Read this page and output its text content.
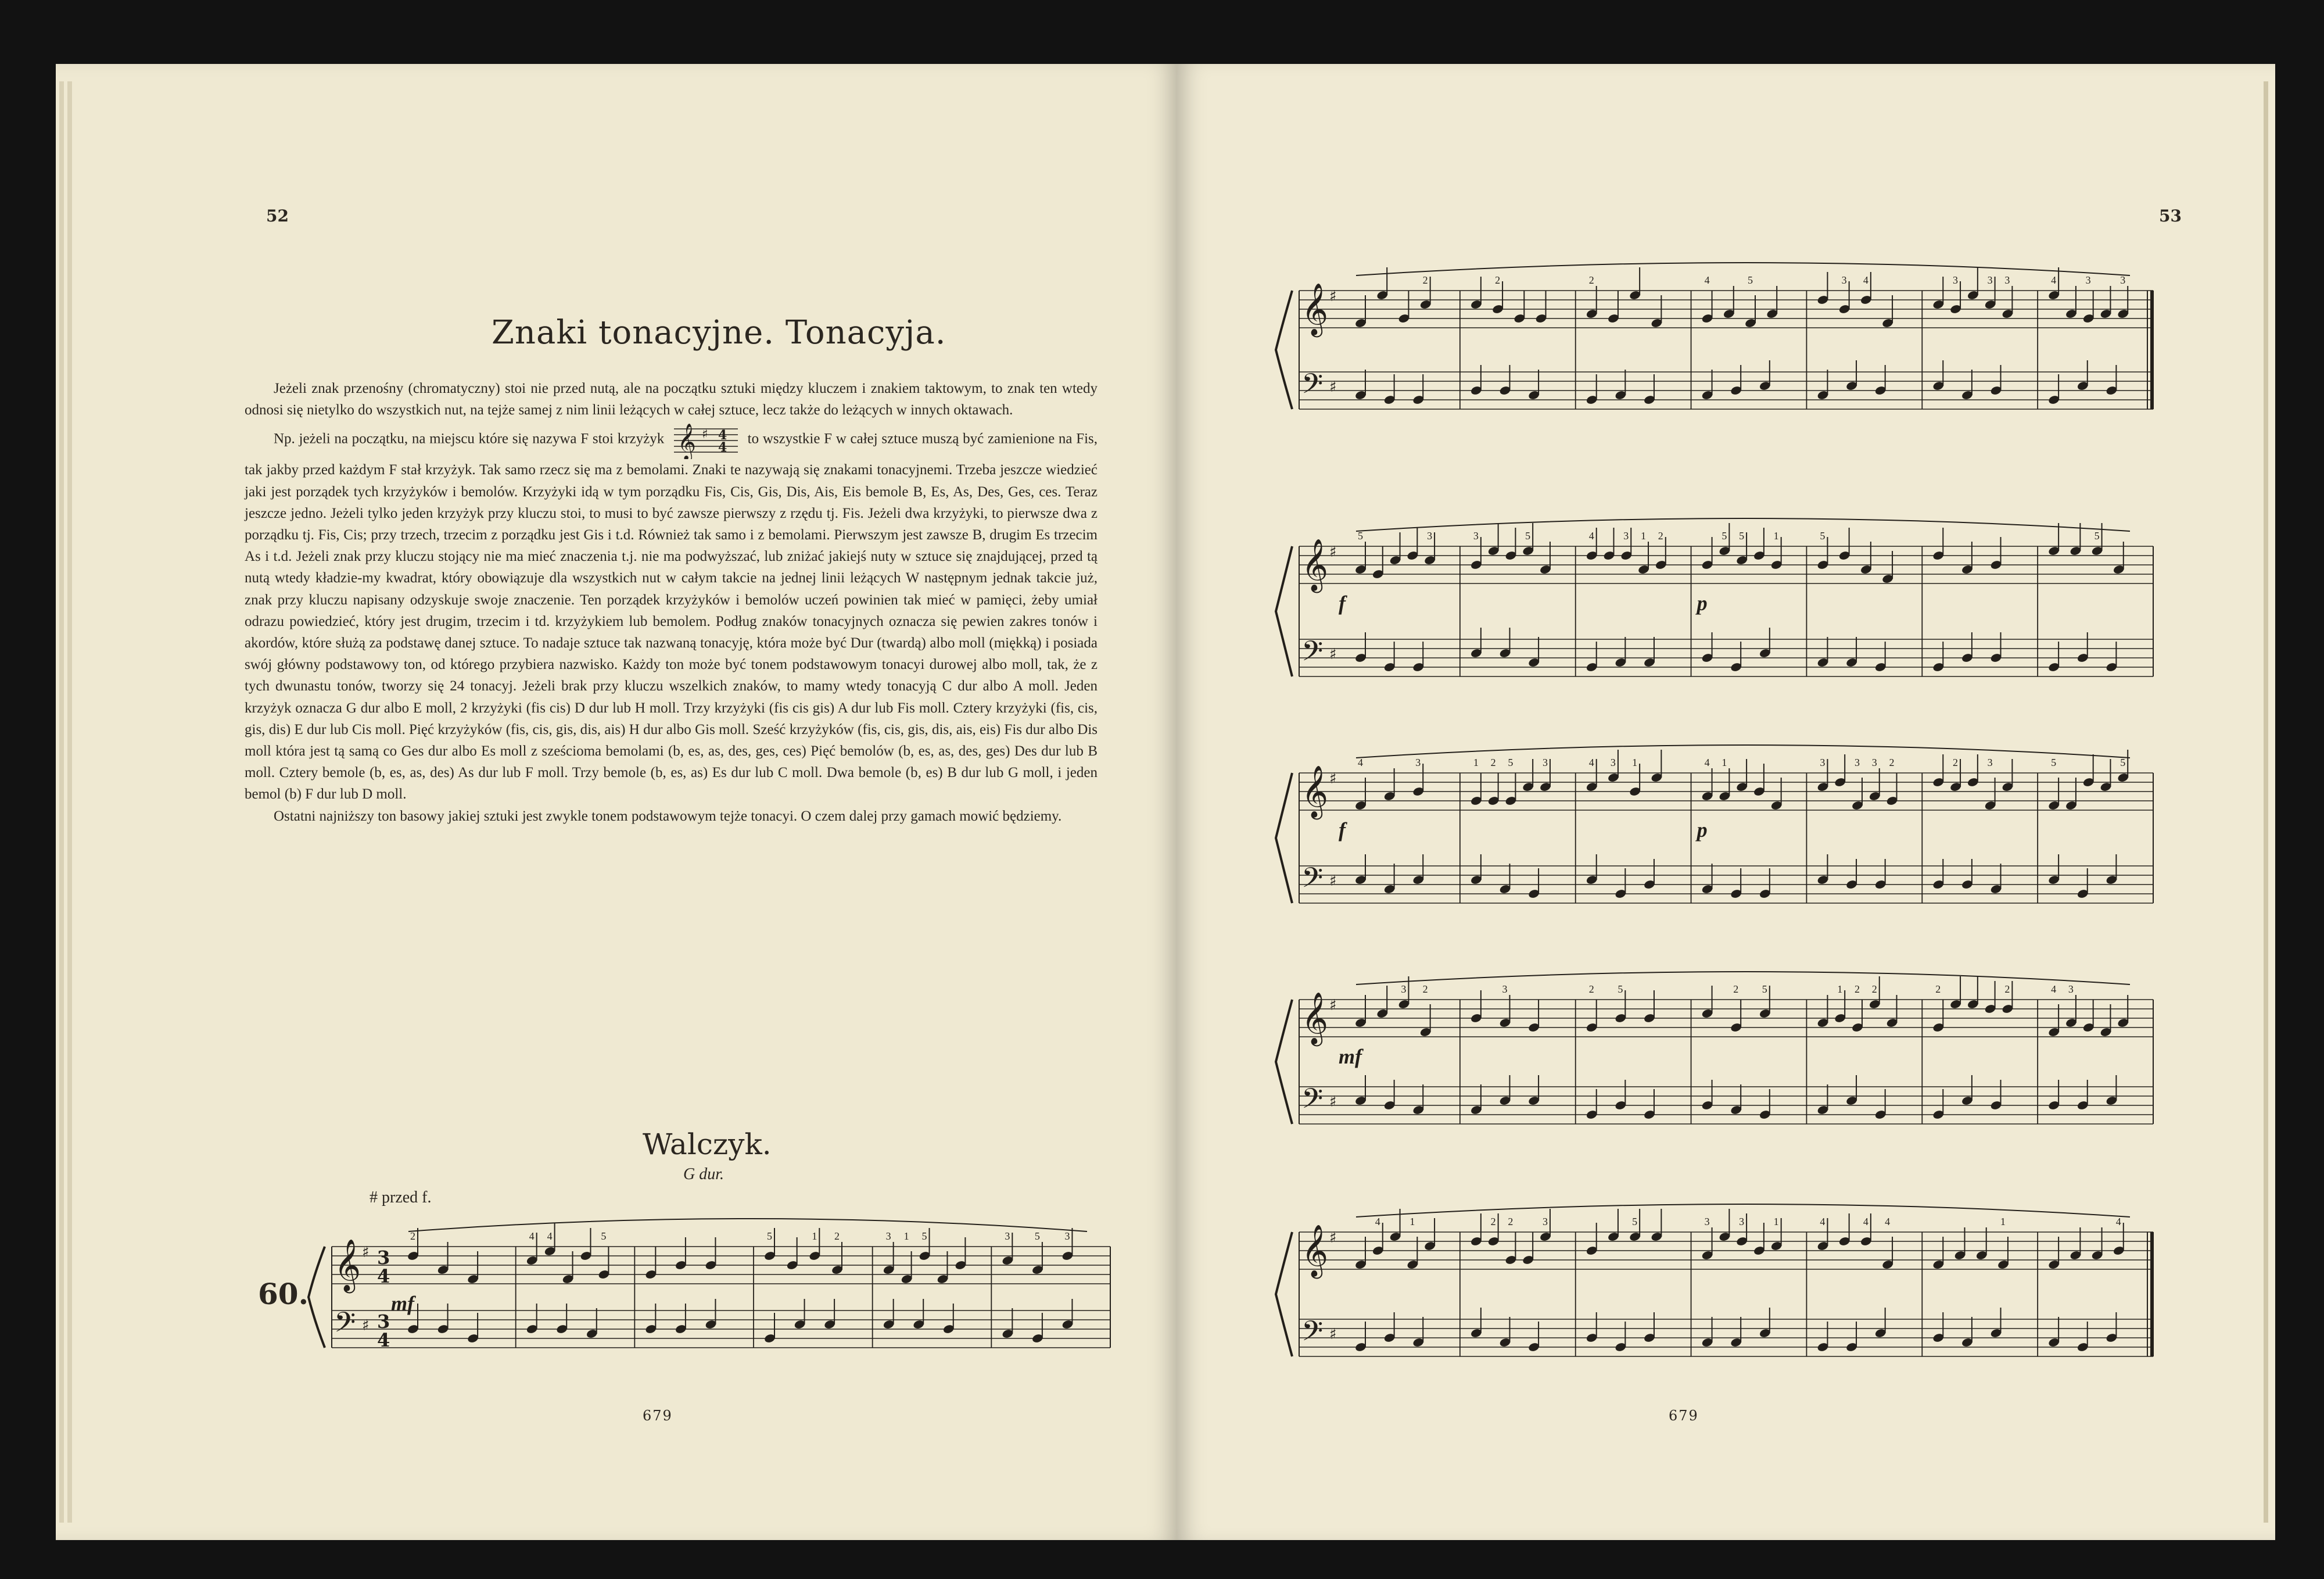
52
Znaki tonacyjne. Tonacyja.

Jeżeli znak przenośny (chromatyczny) stoi nie przed nutą, ale na początku sztuki między kluczem i znakiem taktowym, to znak ten wtedy odnosi się nietylko do wszystkich nut, na tejże samej z nim linii leżących w całej sztuce, lecz także do leżących w innych oktawach.

Np. jeżeli na początku, na miejscu które się nazywa F stoi krzyżyk 𝄞 ♯ 4
4
to wszystkie F w całej sztuce muszą być zamienione na Fis, tak jakby przed każdym F stał krzyżyk. Tak samo rzecz się ma z bemolami. Znaki te nazywają się znakami tonacyjnemi. Trzeba jeszcze wiedzieć jaki jest porządek tych krzyżyków i bemolów. Krzyżyki idą w tym porządku Fis, Cis, Gis, Dis, Ais, Eis bemole B, Es, As, Des, Ges, ces. Teraz jeszcze jedno. Jeżeli tylko jeden krzyżyk przy kluczu stoi, to musi to być zawsze pierwszy z rzędu tj. Fis. Jeżeli dwa krzyżyki, to pierwsze dwa z porządku tj. Fis, Cis; przy trzech, trzecim z porządku jest Gis i t.d. Również tak samo i z bemolami. Pierwszym jest zawsze B, drugim Es trzecim As i t.d. Jeżeli znak przy kluczu stojący nie ma mieć znaczenia t.j. nie ma podwyższać, lub zniżać jakiejś nuty w sztuce się znajdującej, przed tą nutą wtedy kładzie-my kwadrat, który obowiązuje dla wszystkich nut w całym takcie na jednej linii leżących W następnym jednak takcie już, znak przy kluczu napisany odzyskuje swoje znaczenie. Ten porządek krzyżyków i bemolów uczeń powinien tak mieć w pamięci, żeby umiał odrazu powiedzieć, który jest drugim, trzecim i td. krzyżykiem lub bemolem. Podług znaków tonacyjnych oznacza się pewien zakres tonów i akordów, które służą za podstawę danej sztuce. To nadaje sztuce tak nazwaną tonacyję, która może być Dur (twardą) albo moll (miękką) i posiada swój główny podstawowy ton, od którego przybiera nazwisko. Każdy ton może być tonem podstawowym tonacyi durowej albo moll, tak, że z tych dwunastu tonów, tworzy się 24 tonacyj. Jeżeli brak przy kluczu wszelkich znaków, to mamy wtedy tonacyją C dur albo A moll. Jeden krzyżyk oznacza G dur albo E moll, 2 krzyżyki (fis cis) D dur lub H moll. Trzy krzyżyki (fis cis gis) A dur lub Fis moll. Cztery krzyżyki (fis, cis, gis, dis) E dur lub Cis moll. Pięć krzyżyków (fis, cis, gis, dis, ais) H dur albo Gis moll. Sześć krzyżyków (fis, cis, gis, dis, ais, eis) Fis dur albo Dis moll która jest tą samą co Ges dur albo Es moll z sześcioma bemolami (b, es, as, des, ges, ces) Pięć bemolów (b, es, as, des, ges) Des dur lub B moll. Cztery bemole (b, es, as, des) As dur lub F moll. Trzy bemole (b, es, as) Es dur lub C moll. Dwa bemole (b, es) B dur lub G moll, i jeden bemol (b) F dur lub D moll.

Ostatni najniższy ton basowy jakiej sztuki jest zwykle tonem podstawowym tejże tonacyi. O czem dalej przy gamach mowić będziemy.

Walczyk.
G dur.
# przed f.
60.
𝄞
𝄢
♯
♯
3
4
3
4
2	4 4	5	5	1 2	3 1 5	3 5 3
mf
679
53
𝄞
𝄢
♯
♯
2	2	2	4	5	3 4	3	3 3	4	3	3
𝄞
𝄢
♯
♯
5	3	3	5	4	3 1 2	5 5	1	5	5
f	p
𝄞
𝄢
♯
♯
4	3	1 2 5	3	4 3 1	4 1	3	3 3 2	2	3	5	5
f	p
𝄞
𝄢
♯
♯
3 2	3	2 5	2 5	1 2 2	2	2	4 3
mf
𝄞
𝄢
♯
♯
4	1	2 2	3	5	3	3	1	4	4 4	1	4
679
